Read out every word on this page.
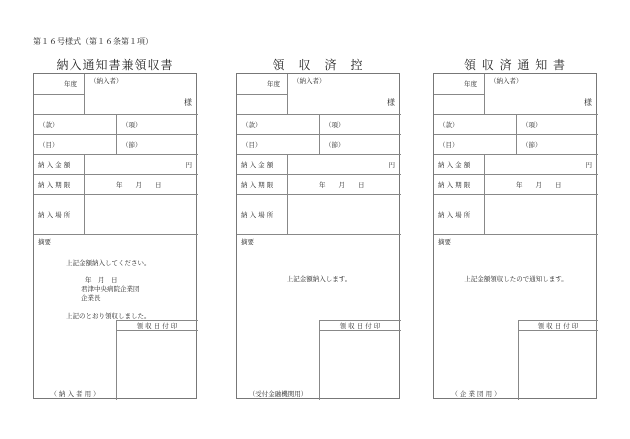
第１６号様式（第１６条第１項）
納入通知書兼領収書
年度 （納入者）
様
（款）	（項）
（目）	（節）
納 入 金 額	円
納 入 期 限	年　　月　　日
納 入 場 所
摘要
上記金額納入してください。
年　月　日
君津中央病院企業団
企業長
上記のとおり領収しました。
領 収 日 付 印
（ 納 入 者 用 ）
領　収　済　控
年度 （納入者）
様
（款）	（項）
（目）	（節）
納 入 金 額	円
納 入 期 限	年　　月　　日
納 入 場 所
摘要
上記金額納入します。
領 収 日 付 印
（受付金融機関用）
領 収 済 通 知 書
年度 （納入者）
様
（款）	（項）
（目）	（節）
納 入 金 額	円
納 入 期 限	年　　月　　日
納 入 場 所
摘要
上記金額領収したので通知します。
領 収 日 付 印
（ 企 業 団 用 ）
